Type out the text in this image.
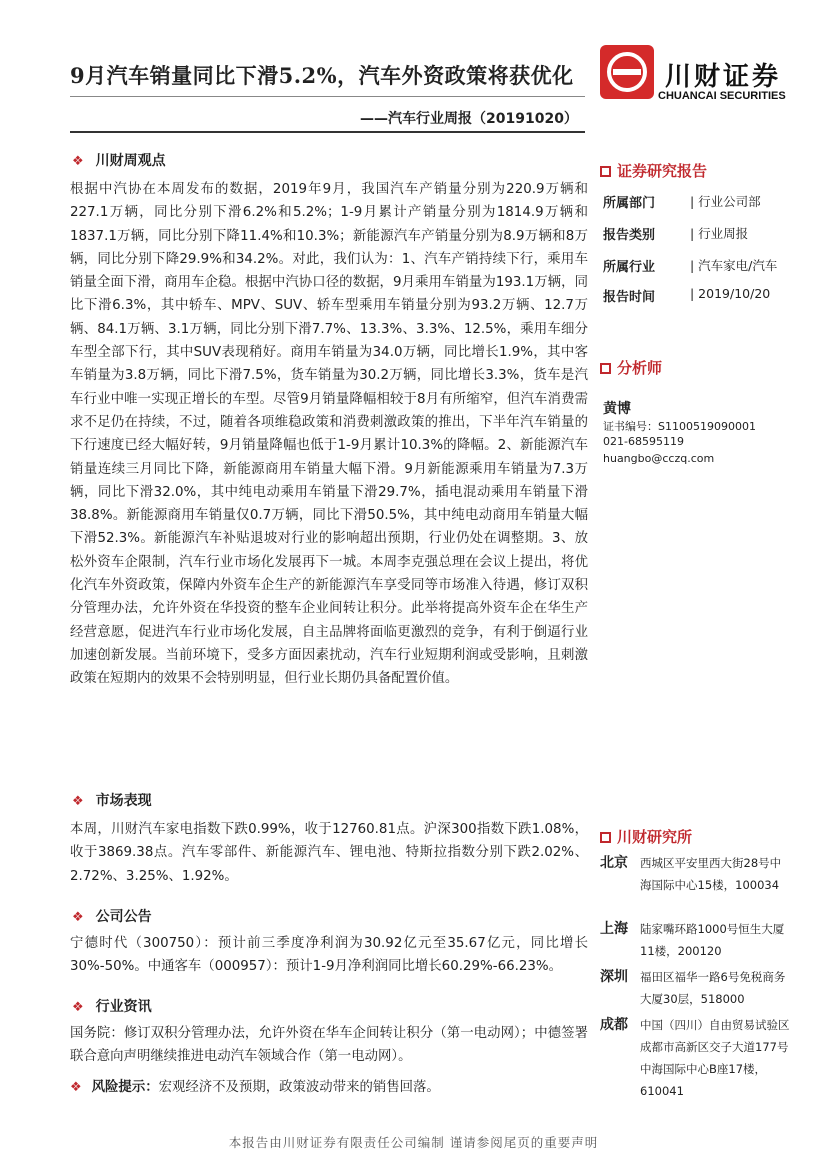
9月汽车销量同比下滑5.2%，汽车外资政策将获优化
——汽车行业周报（20191020）
川财证券
CHUANCAI SECURITIES
❖ 川财周观点
根据中汽协在本周发布的数据，2019年9月，我国汽车产销量分别为220.9万辆和227.1万辆，同比分别下滑6.2%和5.2%；1-9月累计产销量分别为1814.9万辆和1837.1万辆，同比分别下降11.4%和10.3%；新能源汽车产销量分别为8.9万辆和8万辆，同比分别下降29.9%和34.2%。对此，我们认为：1、汽车产销持续下行，乘用车销量全面下滑，商用车企稳。根据中汽协口径的数据，9月乘用车销量为193.1万辆，同比下滑6.3%，其中轿车、MPV、SUV、轿车型乘用车销量分别为93.2万辆、12.7万辆、84.1万辆、3.1万辆，同比分别下滑7.7%、13.3%、3.3%、12.5%，乘用车细分车型全部下行，其中SUV表现稍好。商用车销量为34.0万辆，同比增长1.9%，其中客车销量为3.8万辆，同比下滑7.5%，货车销量为30.2万辆，同比增长3.3%，货车是汽车行业中唯一实现正增长的车型。尽管9月销量降幅相较于8月有所缩窄，但汽车消费需求不足仍在持续，不过，随着各项维稳政策和消费刺激政策的推出，下半年汽车销量的下行速度已经大幅好转，9月销量降幅也低于1-9月累计10.3%的降幅。2、新能源汽车销量连续三月同比下降，新能源商用车销量大幅下滑。9月新能源乘用车销量为7.3万辆，同比下滑32.0%，其中纯电动乘用车销量下滑29.7%，插电混动乘用车销量下滑38.8%。新能源商用车销量仅0.7万辆，同比下滑50.5%，其中纯电动商用车销量大幅下滑52.3%。新能源汽车补贴退坡对行业的影响超出预期，行业仍处在调整期。3、放松外资车企限制，汽车行业市场化发展再下一城。本周李克强总理在会议上提出，将优化汽车外资政策，保障内外资车企生产的新能源汽车享受同等市场准入待遇，修订双积分管理办法，允许外资在华投资的整车企业间转让积分。此举将提高外资车企在华生产经营意愿，促进汽车行业市场化发展，自主品牌将面临更激烈的竞争，有利于倒逼行业加速创新发展。当前环境下，受多方面因素扰动，汽车行业短期利润或受影响，且刺激政策在短期内的效果不会特别明显，但行业长期仍具备配置价值。
❖ 市场表现
本周，川财汽车家电指数下跌0.99%，收于12760.81点。沪深300指数下跌1.08%，收于3869.38点。汽车零部件、新能源汽车、锂电池、特斯拉指数分别下跌2.02%、2.72%、3.25%、1.92%。
❖ 公司公告
宁德时代（300750）：预计前三季度净利润为30.92亿元至35.67亿元，同比增长30%-50%。中通客车（000957）：预计1-9月净利润同比增长60.29%-66.23%。
❖ 行业资讯
国务院：修订双积分管理办法，允许外资在华车企间转让积分（第一电动网）；中德签署联合意向声明继续推进电动汽车领域合作（第一电动网）。
❖ 风险提示：宏观经济不及预期，政策波动带来的销售回落。
证券研究报告
所属部门	| 行业公司部
报告类别	| 行业周报
所属行业	| 汽车家电/汽车
报告时间	| 2019/10/20
分析师
黄博
证书编号：S1100519090001
021-68595119
huangbo@cczq.com
川财研究所
北京 西城区平安里西大街28号中海国际中心15楼，100034
上海 陆家嘴环路1000号恒生大厦11楼，200120
深圳 福田区福华一路6号免税商务大厦30层，518000
成都 中国（四川）自由贸易试验区成都市高新区交子大道177号中海国际中心B座17楼，610041
本报告由川财证券有限责任公司编制 谨请参阅尾页的重要声明
